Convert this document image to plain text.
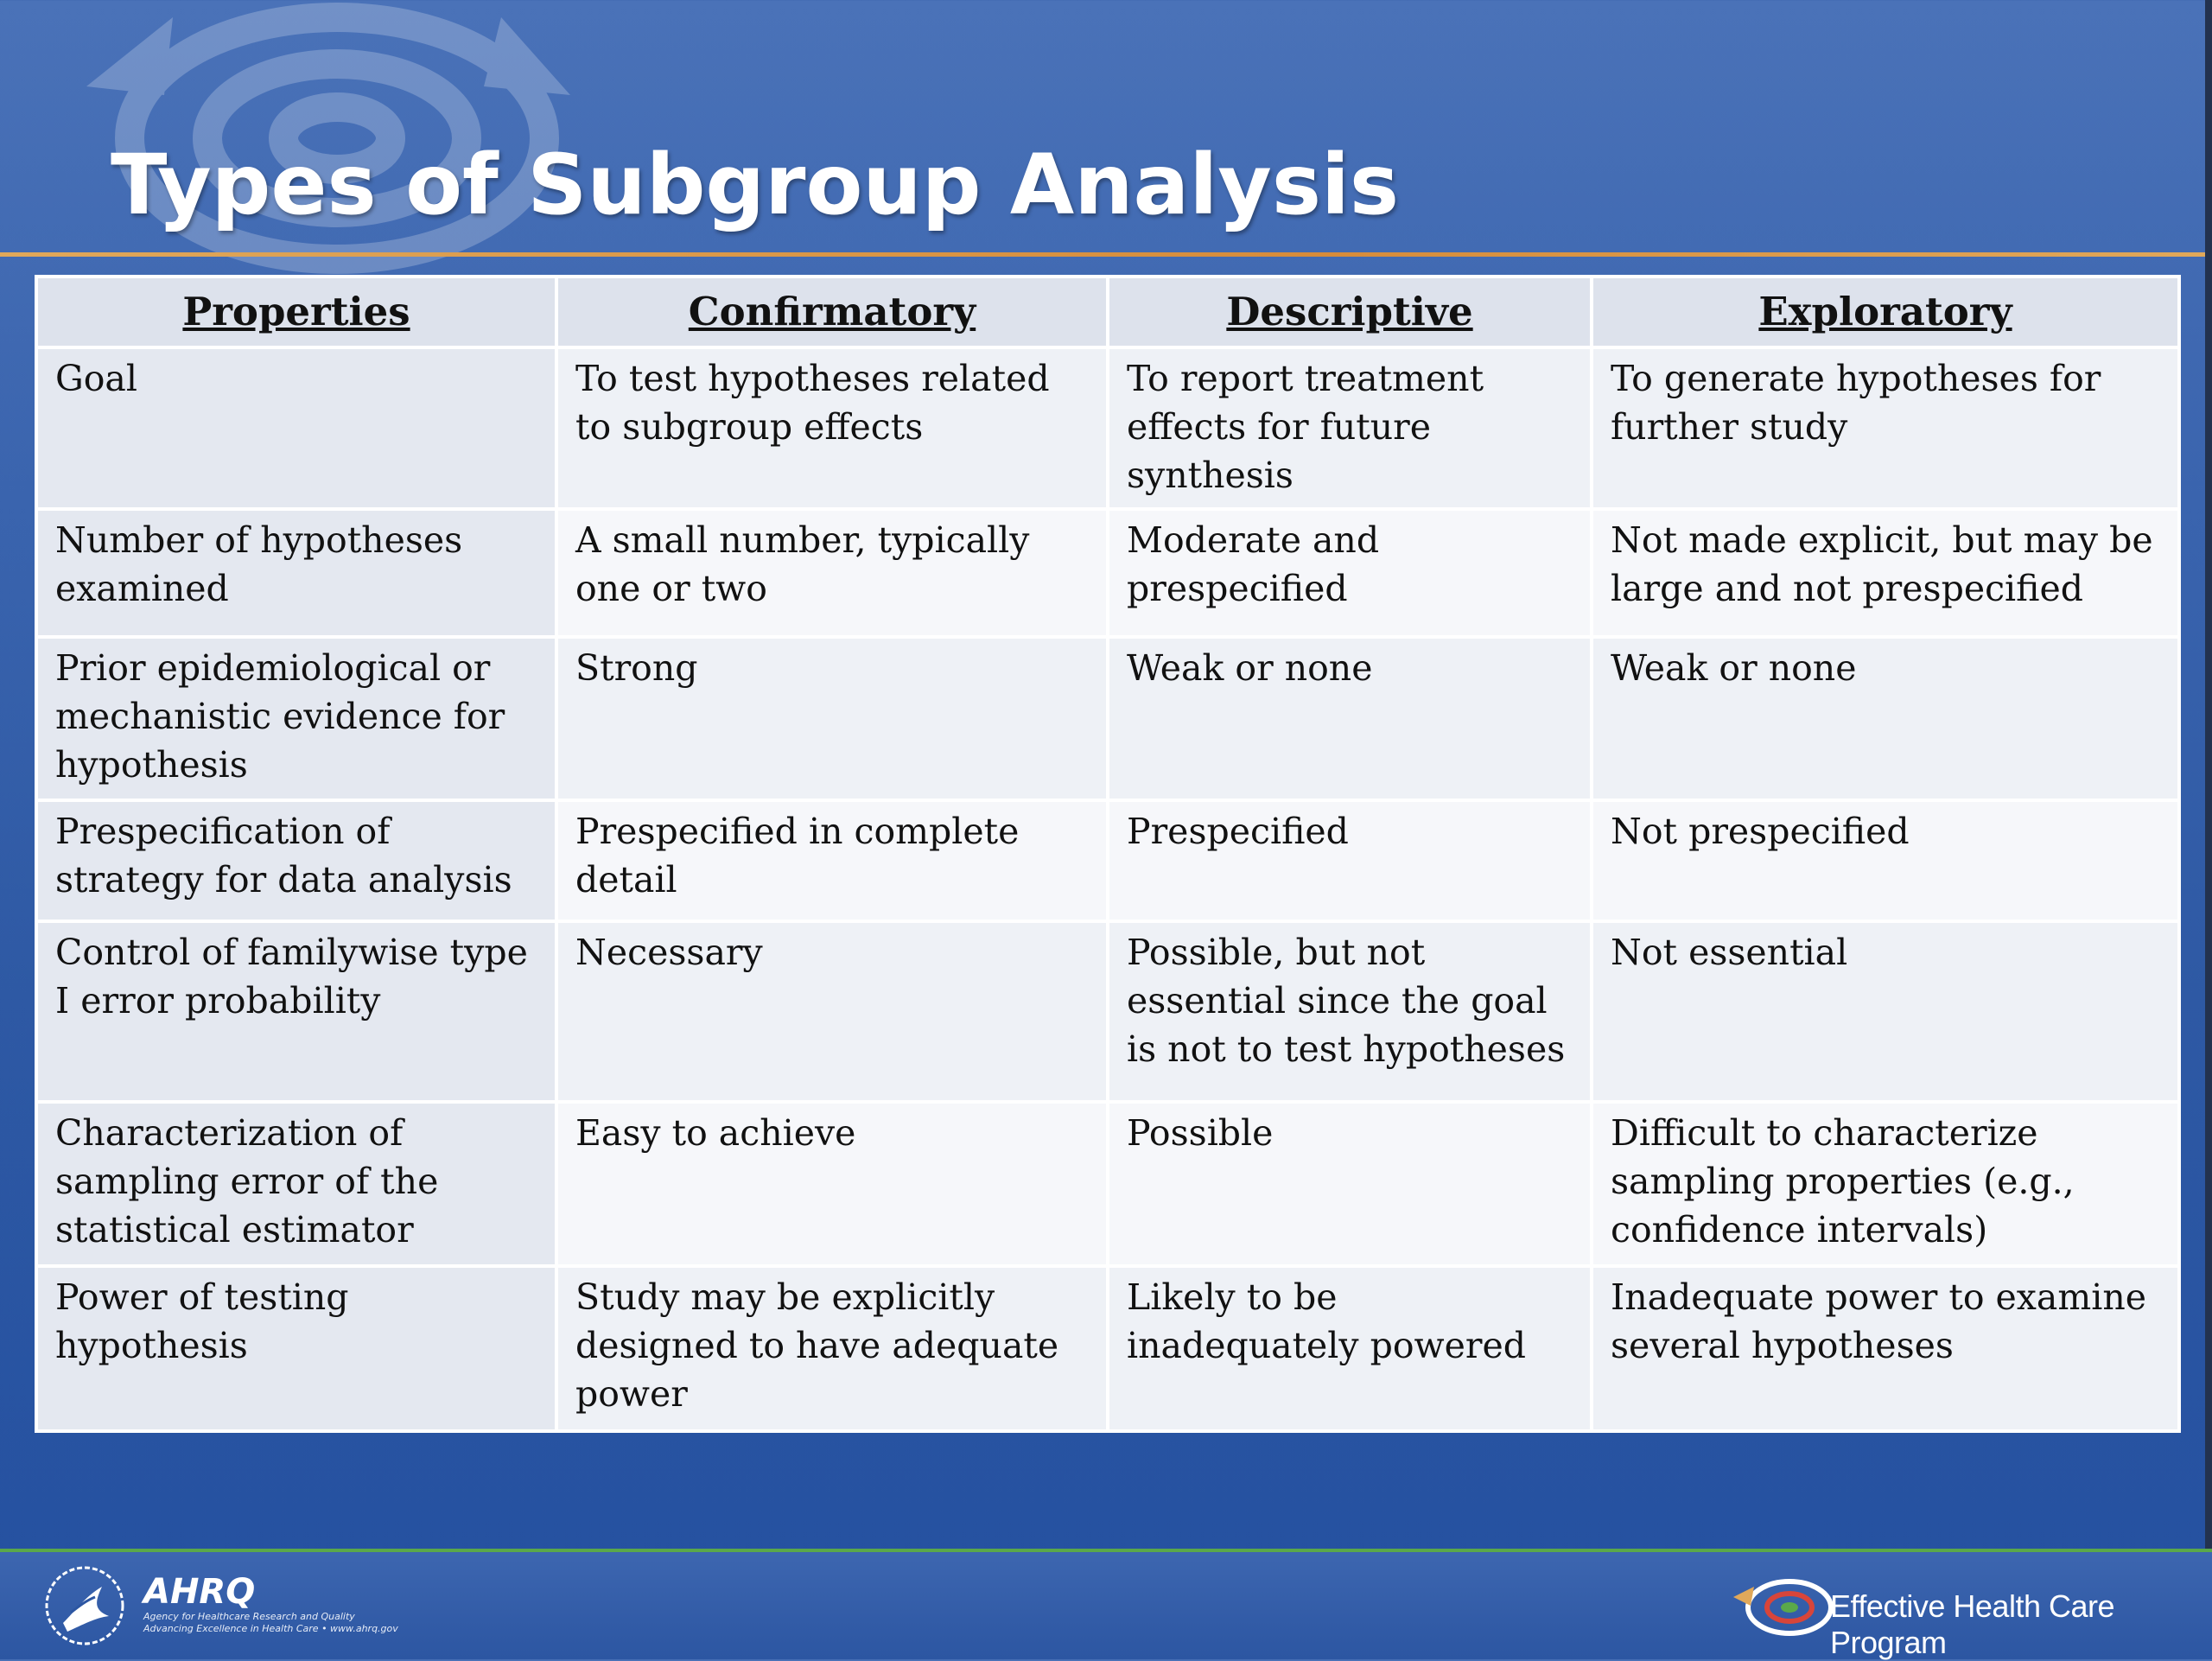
Types of Subgroup Analysis
Properties	Confirmatory	Descriptive	Exploratory
Goal	To test hypotheses related to subgroup effects	To report treatment effects for future synthesis	To generate hypotheses for further study
Number of hypotheses examined	A small number, typically one or two	Moderate and prespecified	Not made explicit, but may be large and not prespecified
Prior epidemiological or mechanistic evidence for hypothesis	Strong	Weak or none	Weak or none
Prespecification of strategy for data analysis	Prespecified in complete detail	Prespecified	Not prespecified
Control of familywise type I error probability	Necessary	Possible, but not essential since the goal is not to test hypotheses	Not essential
Characterization of sampling error of the statistical estimator	Easy to achieve	Possible	Difficult to characterize sampling properties (e.g., confidence intervals)
Power of testing hypothesis	Study may be explicitly designed to have adequate power	Likely to be inadequately powered	Inadequate power to examine several hypotheses
AHRQ
Agency for Healthcare Research and Quality
Advancing Excellence in Health Care • www.ahrq.gov
Effective Health Care Program
